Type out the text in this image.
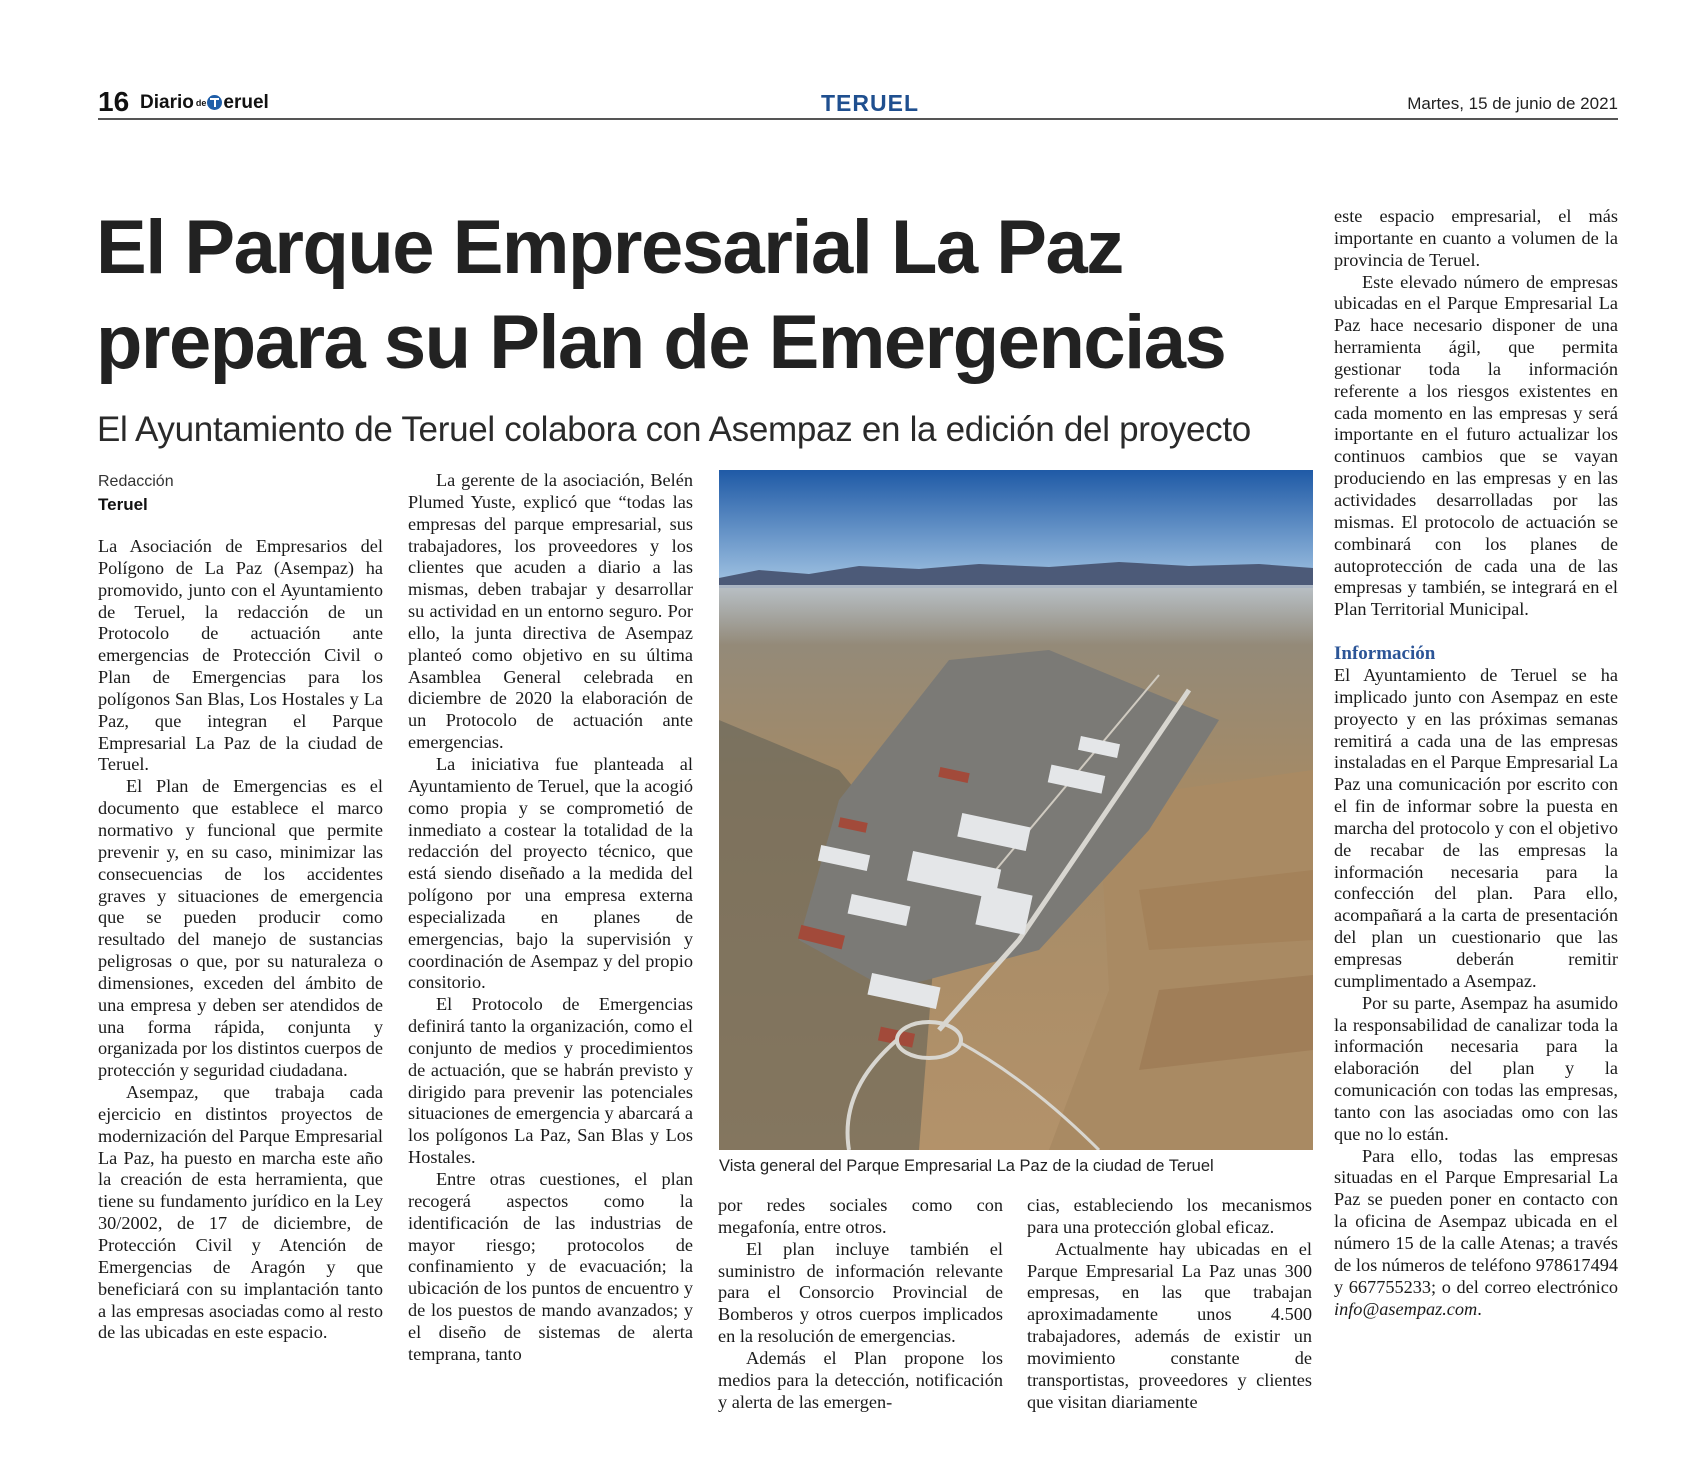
16 Diario de eruel	TERUEL	Martes, 15 de junio de 2021
El Parque Empresarial La Paz prepara su Plan de Emergencias
El Ayuntamiento de Teruel colabora con Asempaz en la edición del proyecto
Redacción
Teruel

La Asociación de Empresarios del Polígono de La Paz (Asempaz) ha promovido, junto con el Ayuntamiento de Teruel, la redacción de un Protocolo de actuación ante emergencias de Protección Civil o Plan de Emergencias para los polígonos San Blas, Los Hostales y La Paz, que integran el Parque Empresarial La Paz de la ciudad de Teruel.

El Plan de Emergencias es el documento que establece el marco normativo y funcional que permite prevenir y, en su caso, minimizar las consecuencias de los accidentes graves y situaciones de emergencia que se pueden producir como resultado del manejo de sustancias peligrosas o que, por su naturaleza o dimensiones, exceden del ámbito de una empresa y deben ser atendidos de una forma rápida, conjunta y organizada por los distintos cuerpos de protección y seguridad ciudadana.

Asempaz, que trabaja cada ejercicio en distintos proyectos de modernización del Parque Empresarial La Paz, ha puesto en marcha este año la creación de esta herramienta, que tiene su fundamento jurídico en la Ley 30/2002, de 17 de diciembre, de Protección Civil y Atención de Emergencias de Aragón y que beneficiará con su implantación tanto a las empresas asociadas como al resto de las ubicadas en este espacio.

La gerente de la asociación, Belén Plumed Yuste, explicó que “todas las empresas del parque empresarial, sus trabajadores, los proveedores y los clientes que acuden a diario a las mismas, deben trabajar y desarrollar su actividad en un entorno seguro. Por ello, la junta directiva de Asempaz planteó como objetivo en su última Asamblea General celebrada en diciembre de 2020 la elaboración de un Protocolo de actuación ante emergencias.

La iniciativa fue planteada al Ayuntamiento de Teruel, que la acogió como propia y se comprometió de inmediato a costear la totalidad de la redacción del proyecto técnico, que está siendo diseñado a la medida del polígono por una empresa externa especializada en planes de emergencias, bajo la supervisión y coordinación de Asempaz y del propio consitorio.

El Protocolo de Emergencias definirá tanto la organización, como el conjunto de medios y procedimientos de actuación, que se habrán previsto y dirigido para prevenir las potenciales situaciones de emergencia y abarcará a los polígonos La Paz, San Blas y Los Hostales.

Entre otras cuestiones, el plan recogerá aspectos como la identificación de las industrias de mayor riesgo; protocolos de confinamiento y de evacuación; la ubicación de los puntos de encuentro y de los puestos de mando avanzados; y el diseño de sistemas de alerta temprana, tanto

Vista general del Parque Empresarial La Paz de la ciudad de Teruel

por redes sociales como con megafonía, entre otros.

El plan incluye también el suministro de información relevante para el Consorcio Provincial de Bomberos y otros cuerpos implicados en la resolución de emergencias.

Además el Plan propone los medios para la detección, notificación y alerta de las emergen-

cias, estableciendo los mecanismos para una protección global eficaz.

Actualmente hay ubicadas en el Parque Empresarial La Paz unas 300 empresas, en las que trabajan aproximadamente unos 4.500 trabajadores, además de existir un movimiento constante de transportistas, proveedores y clientes que visitan diariamente

este espacio empresarial, el más importante en cuanto a volumen de la provincia de Teruel.

Este elevado número de empresas ubicadas en el Parque Empresarial La Paz hace necesario disponer de una herramienta ágil, que permita gestionar toda la información referente a los riesgos existentes en cada momento en las empresas y será importante en el futuro actualizar los continuos cambios que se vayan produciendo en las empresas y en las actividades desarrolladas por las mismas. El protocolo de actuación se combinará con los planes de autoprotección de cada una de las empresas y también, se integrará en el Plan Territorial Municipal.

Información

El Ayuntamiento de Teruel se ha implicado junto con Asempaz en este proyecto y en las próximas semanas remitirá a cada una de las empresas instaladas en el Parque Empresarial La Paz una comunicación por escrito con el fin de informar sobre la puesta en marcha del protocolo y con el objetivo de recabar de las empresas la información necesaria para la confección del plan. Para ello, acompañará a la carta de presentación del plan un cuestionario que las empresas deberán remitir cumplimentado a Asempaz.

Por su parte, Asempaz ha asumido la responsabilidad de canalizar toda la información necesaria para la elaboración del plan y la comunicación con todas las empresas, tanto con las asociadas omo con las que no lo están.

Para ello, todas las empresas situadas en el Parque Empresarial La Paz se pueden poner en contacto con la oficina de Asempaz ubicada en el número 15 de la calle Atenas; a través de los números de teléfono 978617494 y 667755233; o del correo electrónico info@asempaz.com.
